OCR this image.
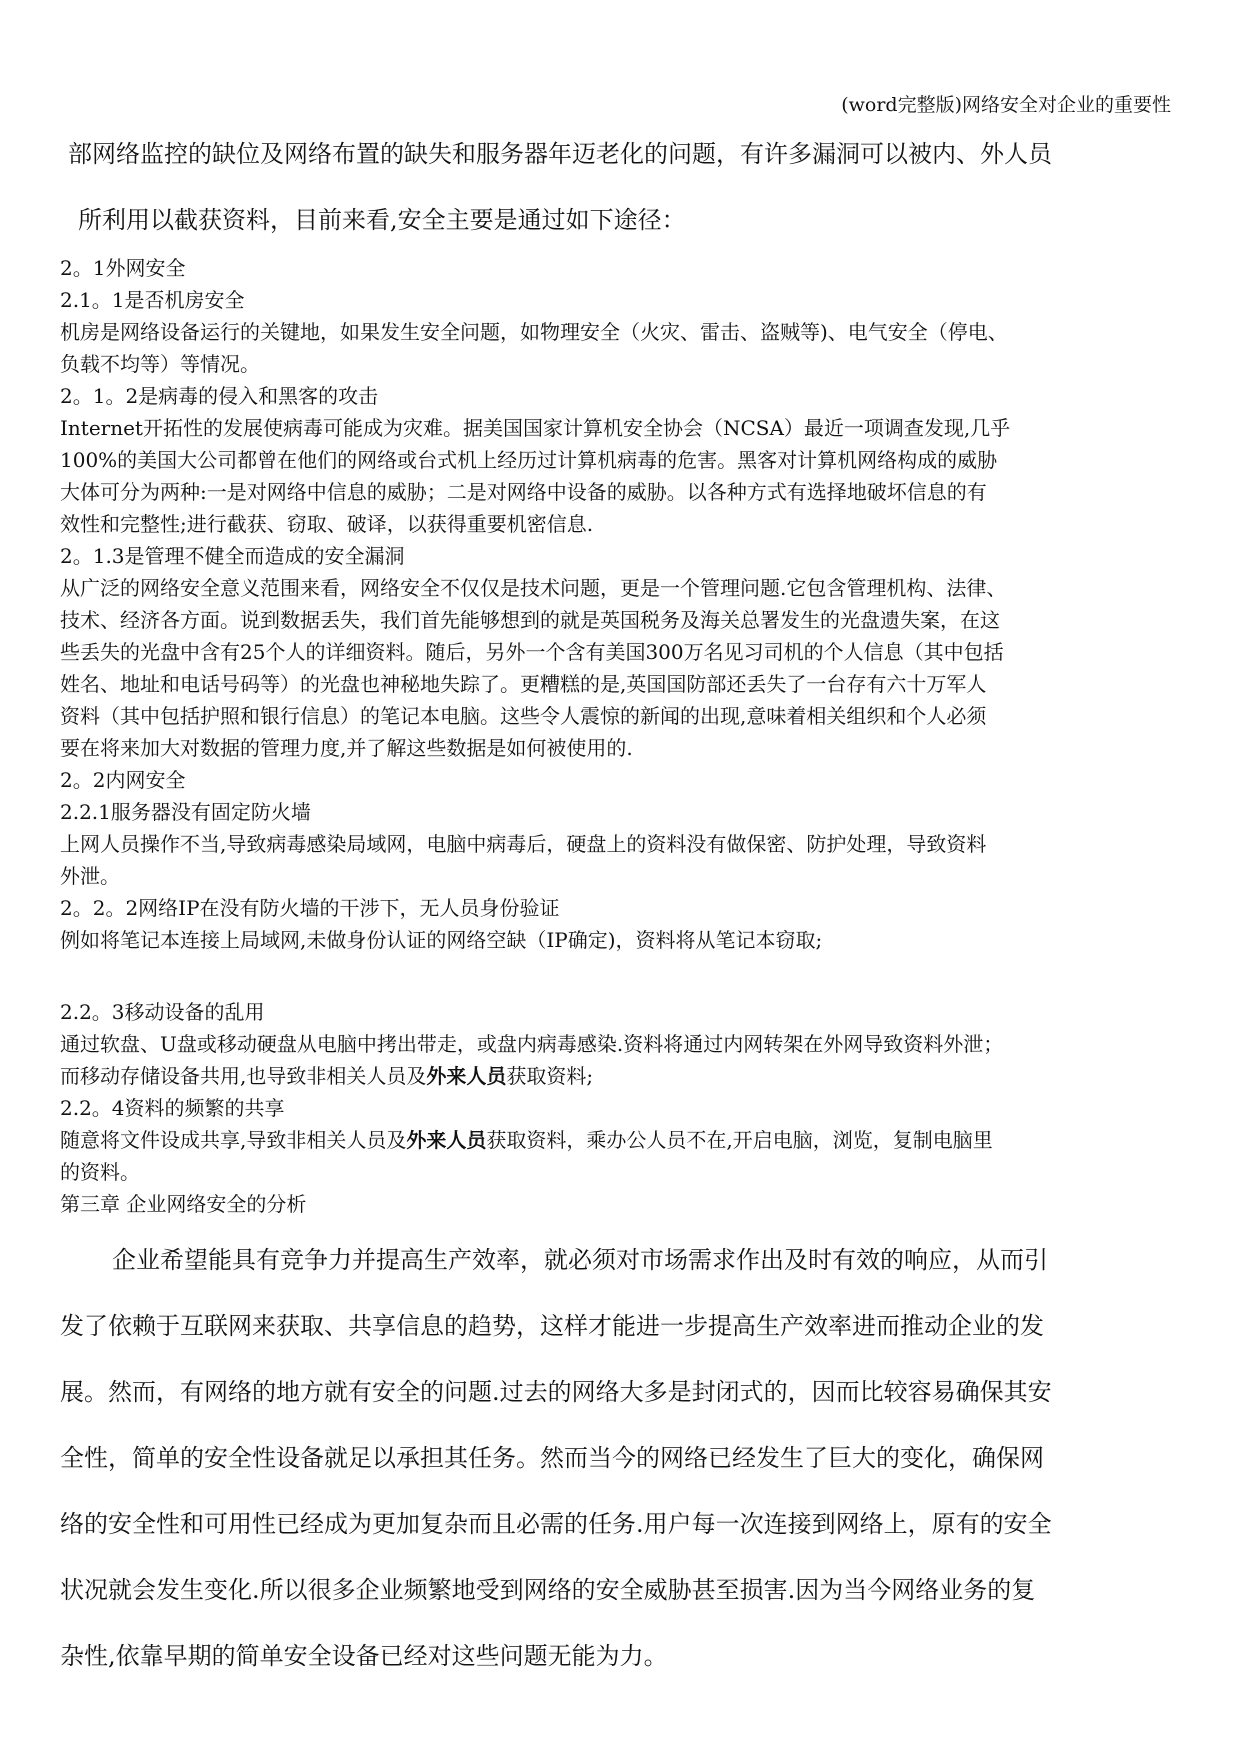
(word完整版)网络安全对企业的重要性
部网络监控的缺位及网络布置的缺失和服务器年迈老化的问题，有许多漏洞可以被内、外人员
所利用以截获资料，目前来看,安全主要是通过如下途径：
2。1外网安全
2.1。1是否机房安全
机房是网络设备运行的关键地，如果发生安全问题，如物理安全（火灾、雷击、盗贼等)、电气安全（停电、
负载不均等）等情况。
2。1。2是病毒的侵入和黑客的攻击
Internet开拓性的发展使病毒可能成为灾难。据美国国家计算机安全协会（NCSA）最近一项调查发现,几乎
100%的美国大公司都曾在他们的网络或台式机上经历过计算机病毒的危害。黑客对计算机网络构成的威胁
大体可分为两种:一是对网络中信息的威胁；二是对网络中设备的威胁。以各种方式有选择地破坏信息的有
效性和完整性;进行截获、窃取、破译，以获得重要机密信息.
2。1.3是管理不健全而造成的安全漏洞
从广泛的网络安全意义范围来看，网络安全不仅仅是技术问题，更是一个管理问题.它包含管理机构、法律、
技术、经济各方面。说到数据丢失，我们首先能够想到的就是英国税务及海关总署发生的光盘遗失案，在这
些丢失的光盘中含有25个人的详细资料。随后，另外一个含有美国300万名见习司机的个人信息（其中包括
姓名、地址和电话号码等）的光盘也神秘地失踪了。更糟糕的是,英国国防部还丢失了一台存有六十万军人
资料（其中包括护照和银行信息）的笔记本电脑。这些令人震惊的新闻的出现,意味着相关组织和个人必须
要在将来加大对数据的管理力度,并了解这些数据是如何被使用的.
2。2内网安全
2.2.1服务器没有固定防火墙
上网人员操作不当,导致病毒感染局域网，电脑中病毒后，硬盘上的资料没有做保密、防护处理，导致资料
外泄。
2。2。2网络IP在没有防火墙的干涉下，无人员身份验证
例如将笔记本连接上局域网,未做身份认证的网络空缺（IP确定)，资料将从笔记本窃取;
2.2。3移动设备的乱用
通过软盘、U盘或移动硬盘从电脑中拷出带走，或盘内病毒感染.资料将通过内网转架在外网导致资料外泄；
而移动存储设备共用,也导致非相关人员及外来人员获取资料;
2.2。4资料的频繁的共享
随意将文件设成共享,导致非相关人员及外来人员获取资料，乘办公人员不在,开启电脑，浏览，复制电脑里
的资料。
第三章 企业网络安全的分析
企业希望能具有竞争力并提高生产效率，就必须对市场需求作出及时有效的响应，从而引
发了依赖于互联网来获取、共享信息的趋势，这样才能进一步提高生产效率进而推动企业的发
展。然而，有网络的地方就有安全的问题.过去的网络大多是封闭式的，因而比较容易确保其安
全性，简单的安全性设备就足以承担其任务。然而当今的网络已经发生了巨大的变化，确保网
络的安全性和可用性已经成为更加复杂而且必需的任务.用户每一次连接到网络上，原有的安全
状况就会发生变化.所以很多企业频繁地受到网络的安全威胁甚至损害.因为当今网络业务的复
杂性,依靠早期的简单安全设备已经对这些问题无能为力。
